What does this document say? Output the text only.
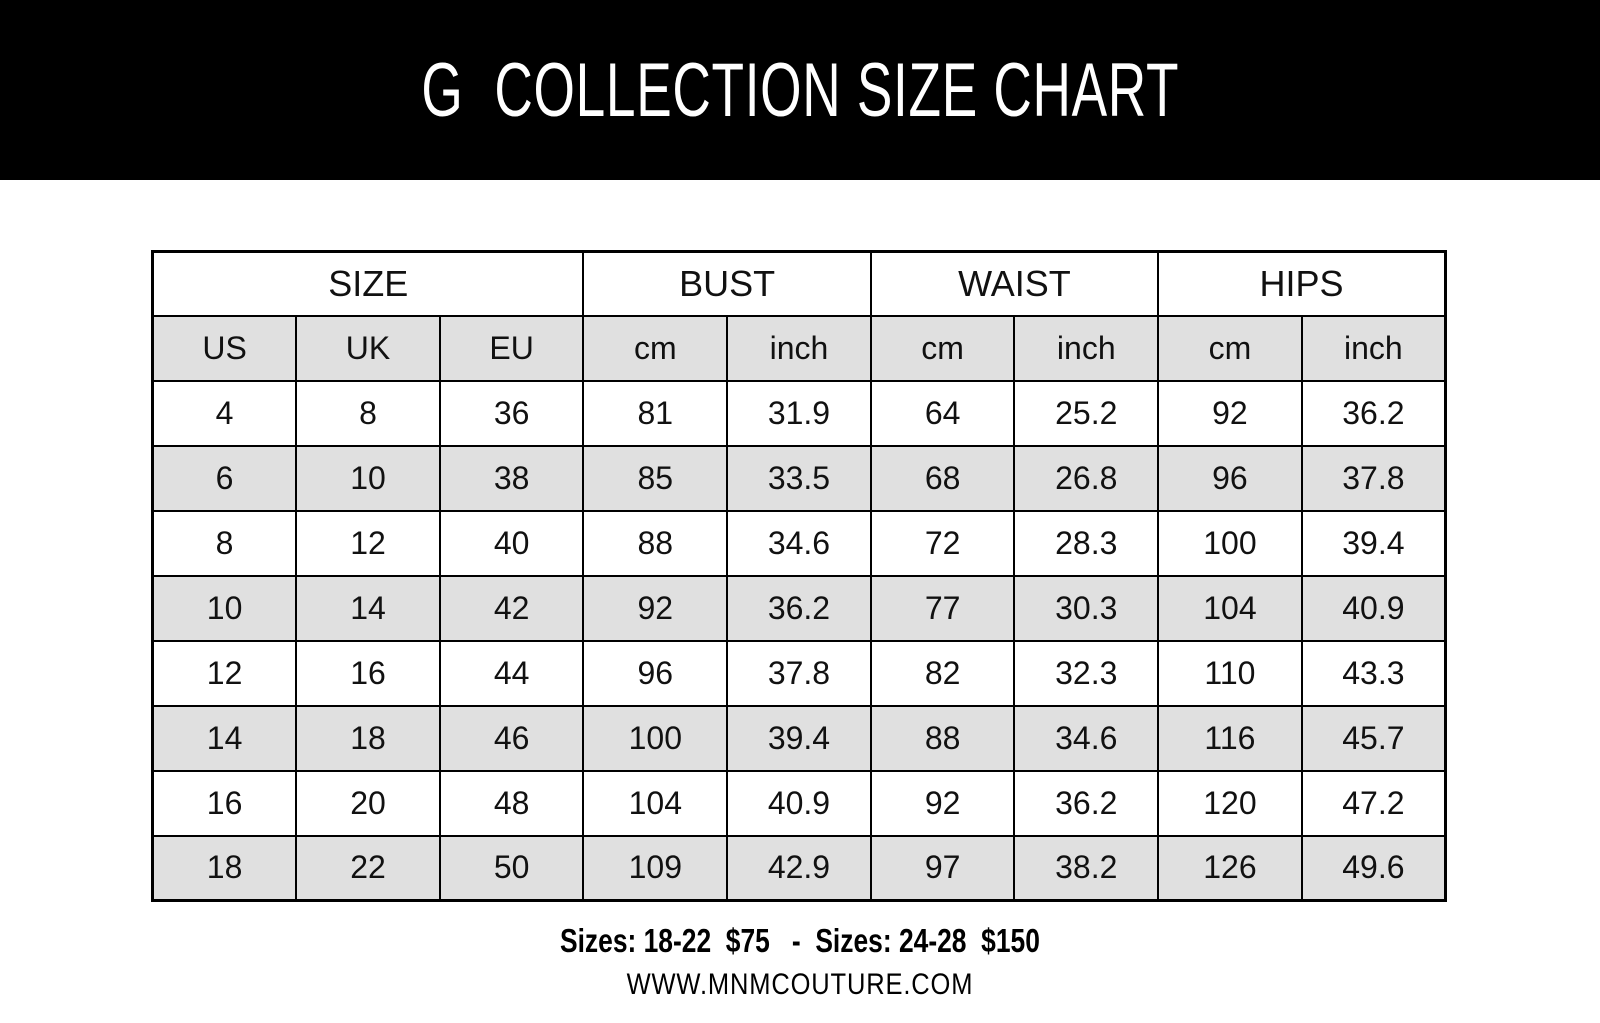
G  COLLECTION SIZE CHART
SIZE			BUST		WAIST		HIPS	
US	UK	EU	cm	inch	cm	inch	cm	inch
4	8	36	81	31.9	64	25.2	92	36.2
6	10	38	85	33.5	68	26.8	96	37.8
8	12	40	88	34.6	72	28.3	100	39.4
10	14	42	92	36.2	77	30.3	104	40.9
12	16	44	96	37.8	82	32.3	110	43.3
14	18	46	100	39.4	88	34.6	116	45.7
16	20	48	104	40.9	92	36.2	120	47.2
18	22	50	109	42.9	97	38.2	126	49.6
Sizes: 18-22  $75   -  Sizes: 24-28  $150
WWW.MNMCOUTURE.COM
